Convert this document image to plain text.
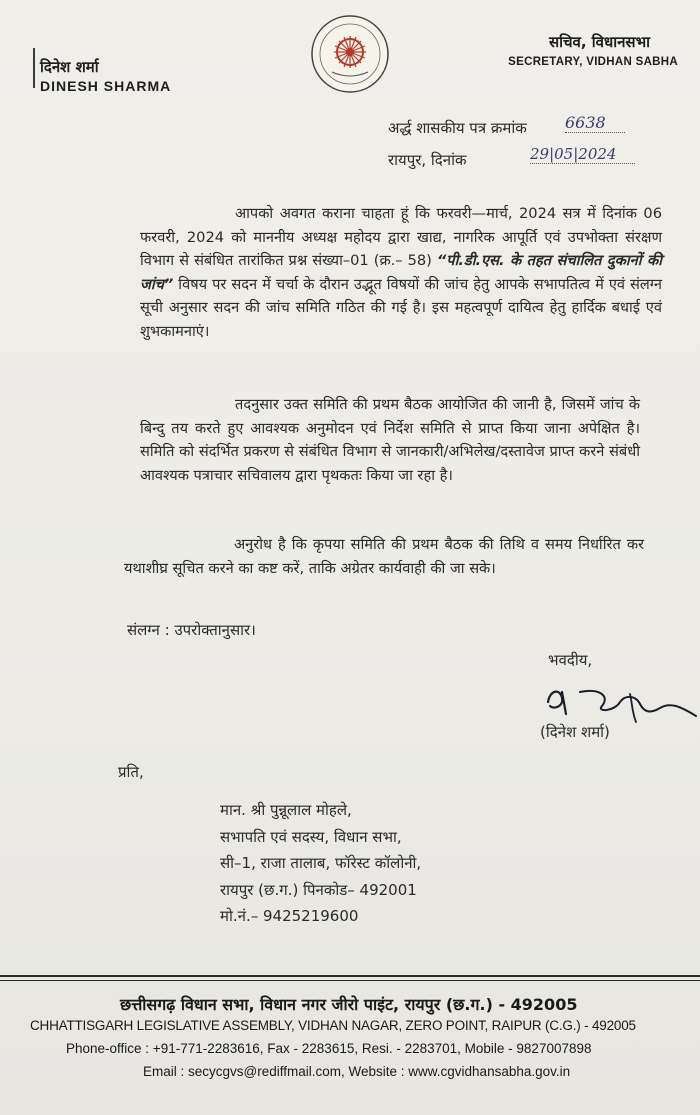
दिनेश शर्मा
DINESH SHARMA
सचिव, विधानसभा
SECRETARY, VIDHAN SABHA
अर्द्ध शासकीय पत्र क्रमांक 6638
रायपुर, दिनांक	29|05|2024
आपको अवगत कराना चाहता हूं कि फरवरी—मार्च, 2024 सत्र में दिनांक 06 फरवरी, 2024 को माननीय अध्यक्ष महोदय द्वारा खाद्य, नागरिक आपूर्ति एवं उपभोक्ता संरक्षण विभाग से संबंधित तारांकित प्रश्न संख्या–01 (क्र.– 58) “पी.डी.एस. के तहत संचालित दुकानों की जांच” विषय पर सदन में चर्चा के दौरान उद्भूत विषयों की जांच हेतु आपके सभापतित्व में एवं संलग्न सूची अनुसार सदन की जांच समिति गठित की गई है। इस महत्वपूर्ण दायित्व हेतु हार्दिक बधाई एवं शुभकामनाएं।
तदनुसार उक्त समिति की प्रथम बैठक आयोजित की जानी है, जिसमें जांच के बिन्दु तय करते हुए आवश्यक अनुमोदन एवं निर्देश समिति से प्राप्त किया जाना अपेक्षित है। समिति को संदर्भित प्रकरण से संबंधित विभाग से जानकारी/अभिलेख/दस्तावेज प्राप्त करने संबंधी आवश्यक पत्राचार सचिवालय द्वारा पृथकतः किया जा रहा है।
अनुरोध है कि कृपया समिति की प्रथम बैठक की तिथि व समय निर्धारित कर यथाशीघ्र सूचित करने का कष्ट करें, ताकि अग्रेतर कार्यवाही की जा सके।
संलग्न : उपरोक्तानुसार।
भवदीय,
(दिनेश शर्मा)
प्रति,
मान. श्री पुन्नूलाल मोहले,
सभापति एवं सदस्य, विधान सभा,
सी–1, राजा तालाब, फॉरेस्ट कॉलोनी,
रायपुर (छ.ग.) पिनकोड– 492001
मो.नं.– 9425219600
छत्तीसगढ़ विधान सभा, विधान नगर जीरो पाइंट, रायपुर (छ.ग.) - 492005
CHHATTISGARH LEGISLATIVE ASSEMBLY, VIDHAN NAGAR, ZERO POINT, RAIPUR (C.G.) - 492005
Phone-office : +91-771-2283616, Fax - 2283615, Resi. - 2283701, Mobile - 9827007898
Email : secycgvs@rediffmail.com, Website : www.cgvidhansabha.gov.in
